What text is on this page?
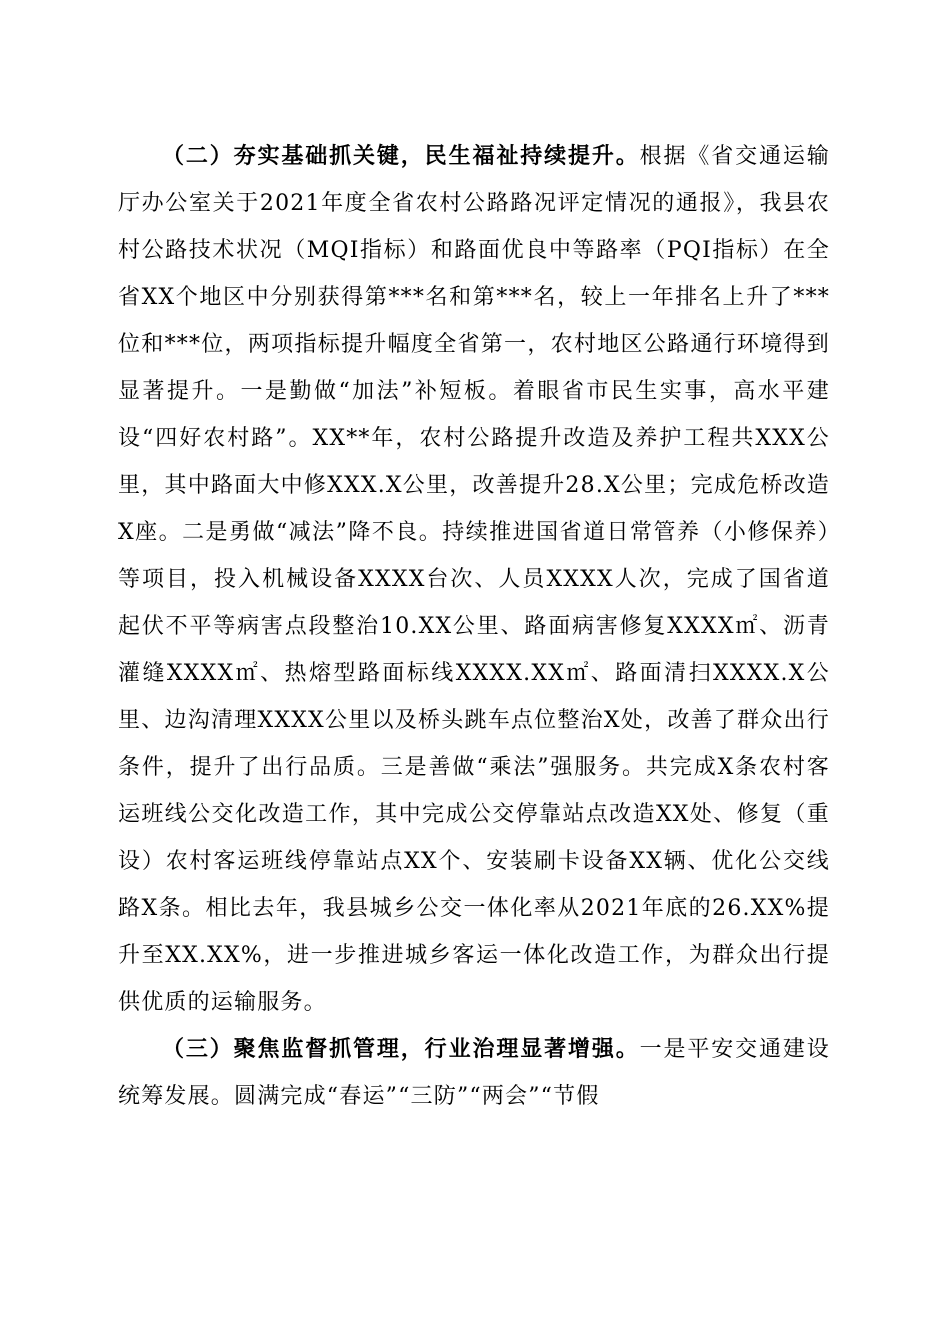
（二）夯实基础抓关键，民生福祉持续提升。根据《省交通运输厅办公室关于2021年度全省农村公路路况评定情况的通报》，我县农村公路技术状况（MQI指标）和路面优良中等路率（PQI指标）在全省XX个地区中分别获得第***名和第***名，较上一年排名上升了***位和***位，两项指标提升幅度全省第一，农村地区公路通行环境得到显著提升。一是勤做“加法”补短板。着眼省市民生实事，高水平建设“四好农村路”。XX**年，农村公路提升改造及养护工程共XXX公里，其中路面大中修XXX.X公里，改善提升28.X公里；完成危桥改造X座。二是勇做“减法”降不良。持续推进国省道日常管养（小修保养）等项目，投入机械设备XXXX台次、人员XXXX人次，完成了国省道起伏不平等病害点段整治10.XX公里、路面病害修复XXXX㎡、沥青灌缝XXXX㎡、热熔型路面标线XXXX.XX㎡、路面清扫XXXX.X公里、边沟清理XXXX公里以及桥头跳车点位整治X处，改善了群众出行条件，提升了出行品质。三是善做“乘法”强服务。共完成X条农村客运班线公交化改造工作，其中完成公交停靠站点改造XX处、修复（重设）农村客运班线停靠站点XX个、安装刷卡设备XX辆、优化公交线路X条。相比去年，我县城乡公交一体化率从2021年底的26.XX%提升至XX.XX%，进一步推进城乡客运一体化改造工作，为群众出行提供优质的运输服务。

（三）聚焦监督抓管理，行业治理显著增强。一是平安交通建设统筹发展。圆满完成“春运”“三防”“两会”“节假
